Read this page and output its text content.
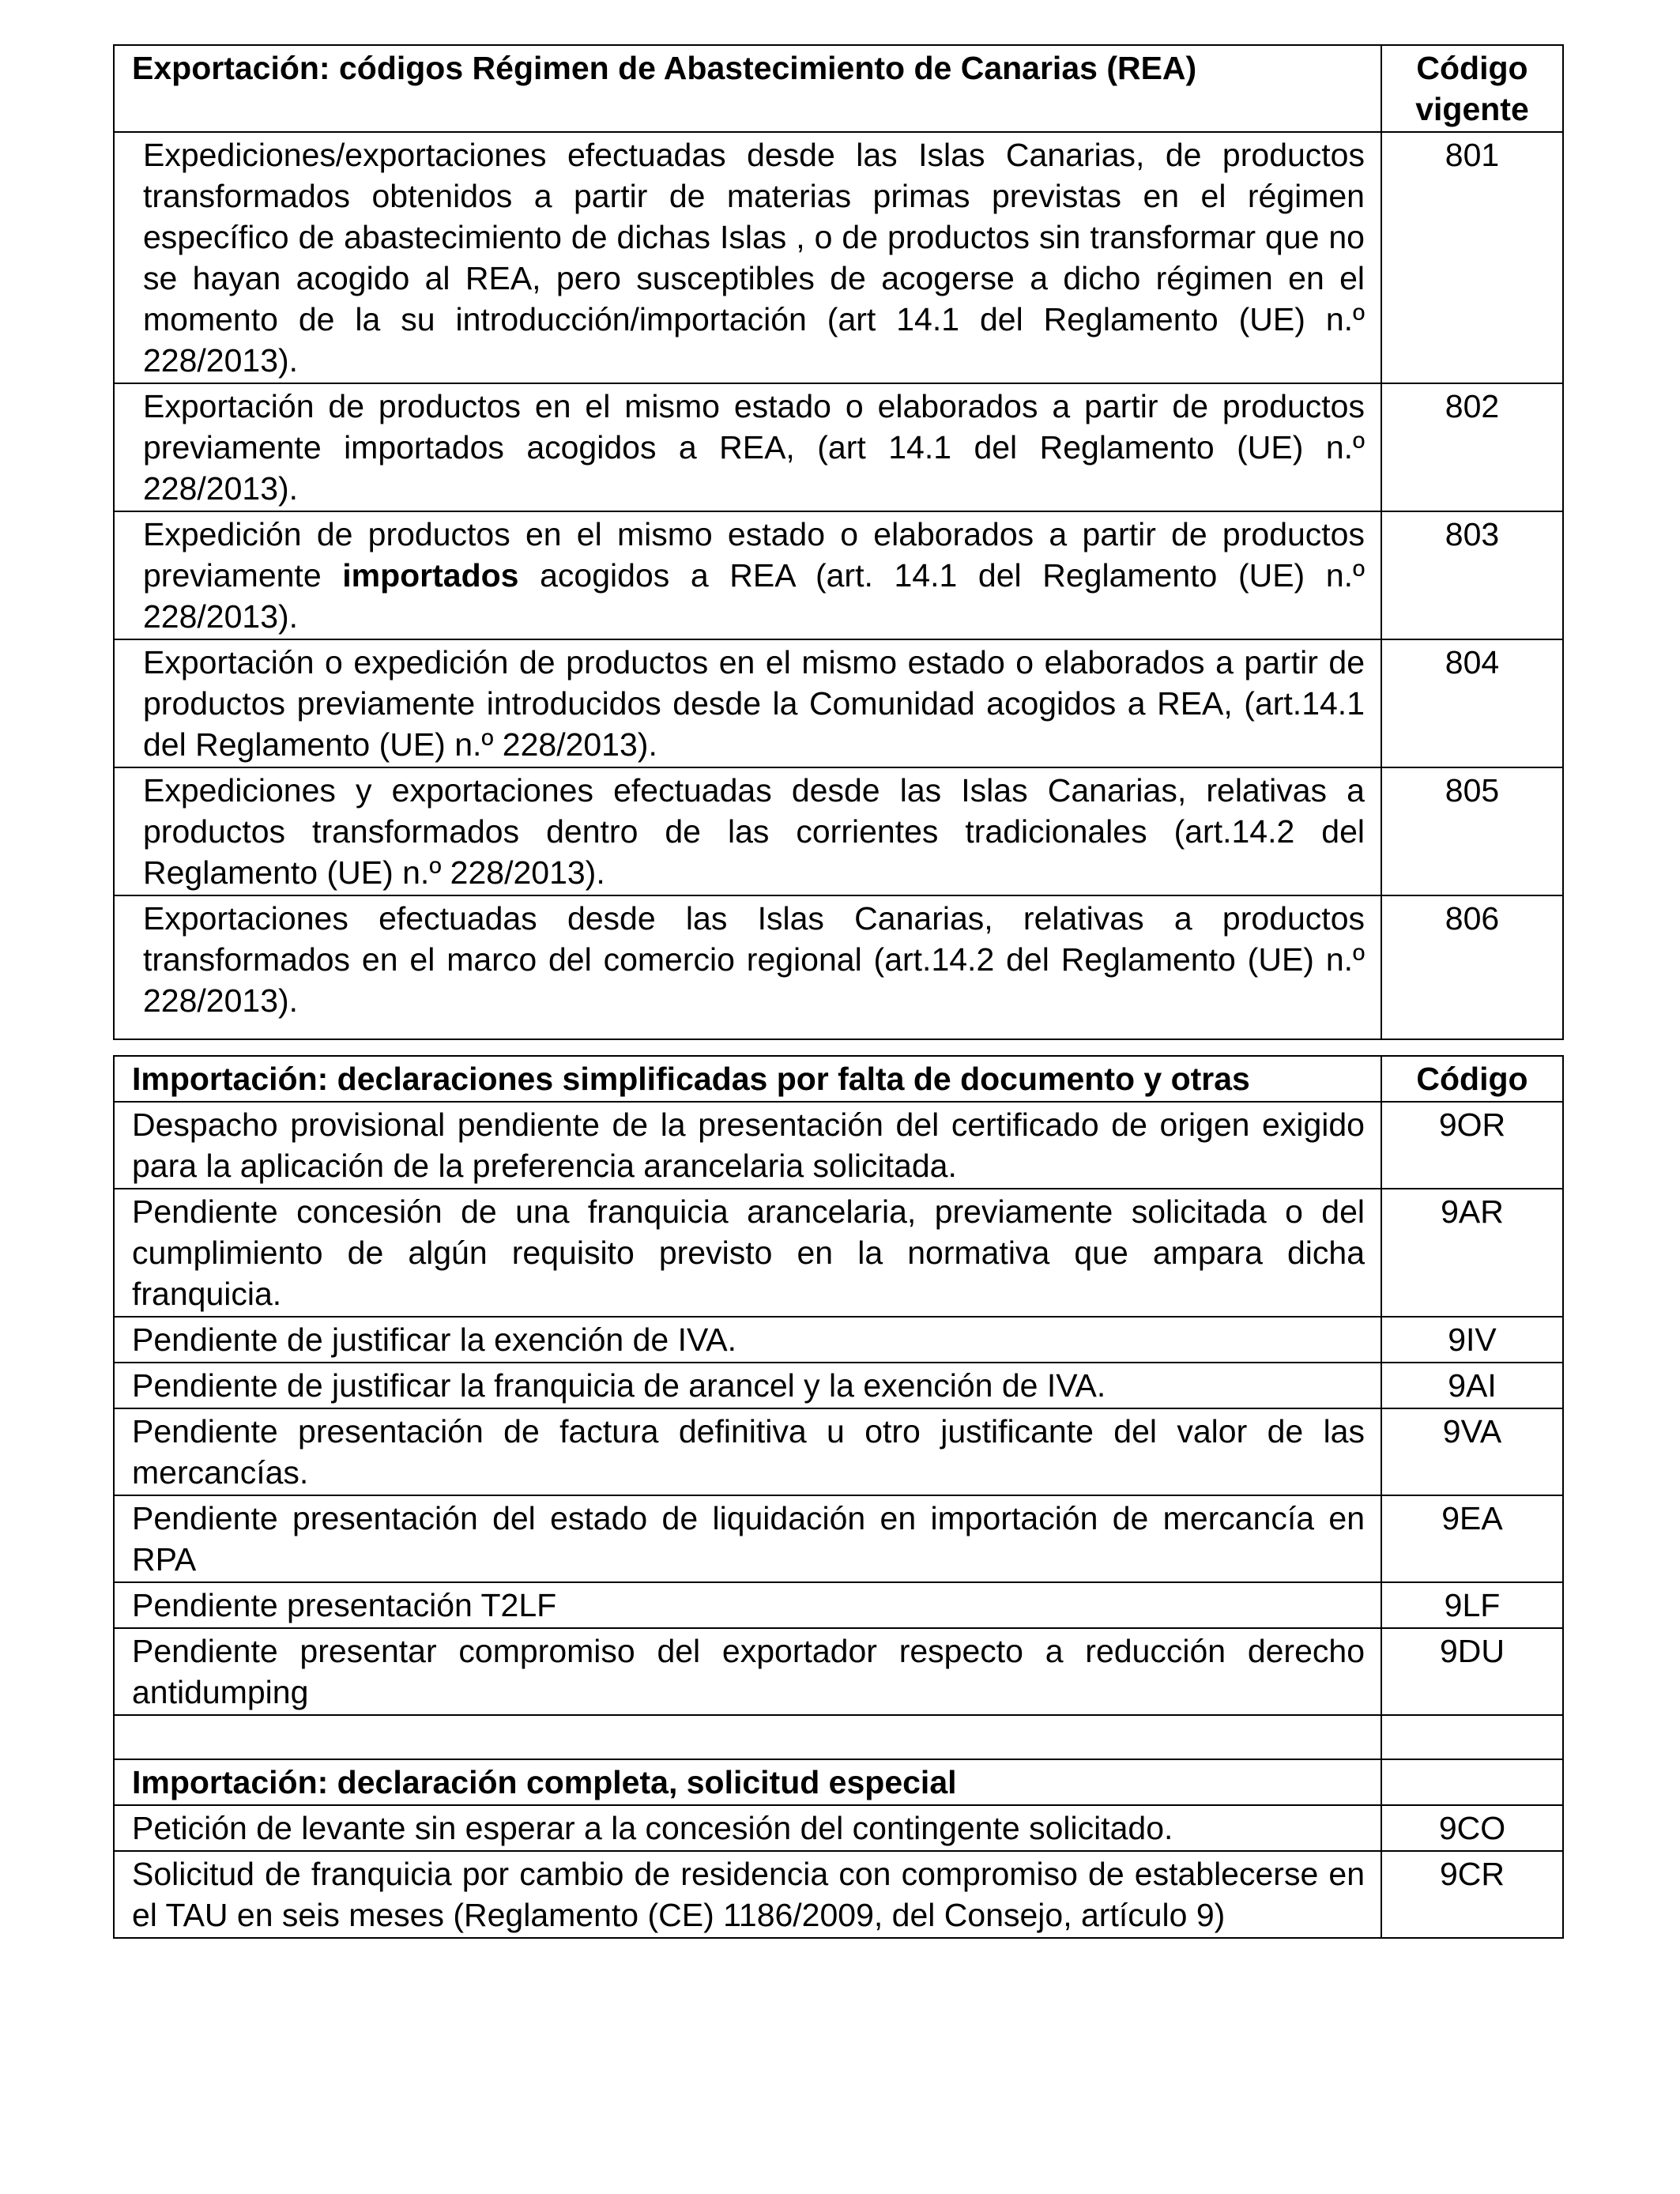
Exportación: códigos Régimen de Abastecimiento de Canarias (REA)	Código vigente
Expediciones/exportaciones efectuadas desde las Islas Canarias, de productos transformados obtenidos a partir de materias primas previstas en el régimen específico de abastecimiento de dichas Islas , o de productos sin transformar que no se hayan acogido al REA, pero susceptibles de acogerse a dicho régimen en el momento de la su introducción/importación (art 14.1 del Reglamento (UE) n.º 228/2013).	801
Exportación de productos en el mismo estado o elaborados a partir de productos previamente importados acogidos a REA, (art 14.1 del Reglamento (UE) n.º 228/2013).	802
Expedición de productos en el mismo estado o elaborados a partir de productos previamente importados acogidos a REA (art. 14.1 del Reglamento (UE) n.º 228/2013).	803
Exportación o expedición de productos en el mismo estado o elaborados a partir de productos previamente introducidos desde la Comunidad acogidos a REA, (art.14.1 del Reglamento (UE) n.º 228/2013).	804
Expediciones y exportaciones efectuadas desde las Islas Canarias, relativas a productos transformados dentro de las corrientes tradicionales (art.14.2 del Reglamento (UE) n.º 228/2013).	805
Exportaciones efectuadas desde las Islas Canarias, relativas a productos transformados en el marco del comercio regional (art.14.2 del Reglamento (UE) n.º 228/2013).	806
Importación: declaraciones simplificadas por falta de documento y otras	Código
Despacho provisional pendiente de la presentación del certificado de origen exigido para la aplicación de la preferencia arancelaria solicitada.	9OR
Pendiente concesión de una franquicia arancelaria, previamente solicitada o del cumplimiento de algún requisito previsto en la normativa que ampara dicha franquicia.	9AR
Pendiente de justificar la exención de IVA.	9IV
Pendiente de justificar la franquicia de arancel y la exención de IVA.	9AI
Pendiente presentación de factura definitiva u otro justificante del valor de las mercancías.	9VA
Pendiente presentación del estado de liquidación en importación de mercancía en RPA	9EA
Pendiente presentación T2LF	9LF
Pendiente presentar compromiso del exportador respecto a reducción derecho antidumping	9DU

Importación: declaración completa, solicitud especial	
Petición de levante sin esperar a la concesión del contingente solicitado.	9CO
Solicitud de franquicia por cambio de residencia con compromiso de establecerse en el TAU en seis meses (Reglamento (CE) 1186/2009, del Consejo, artículo 9)	9CR
